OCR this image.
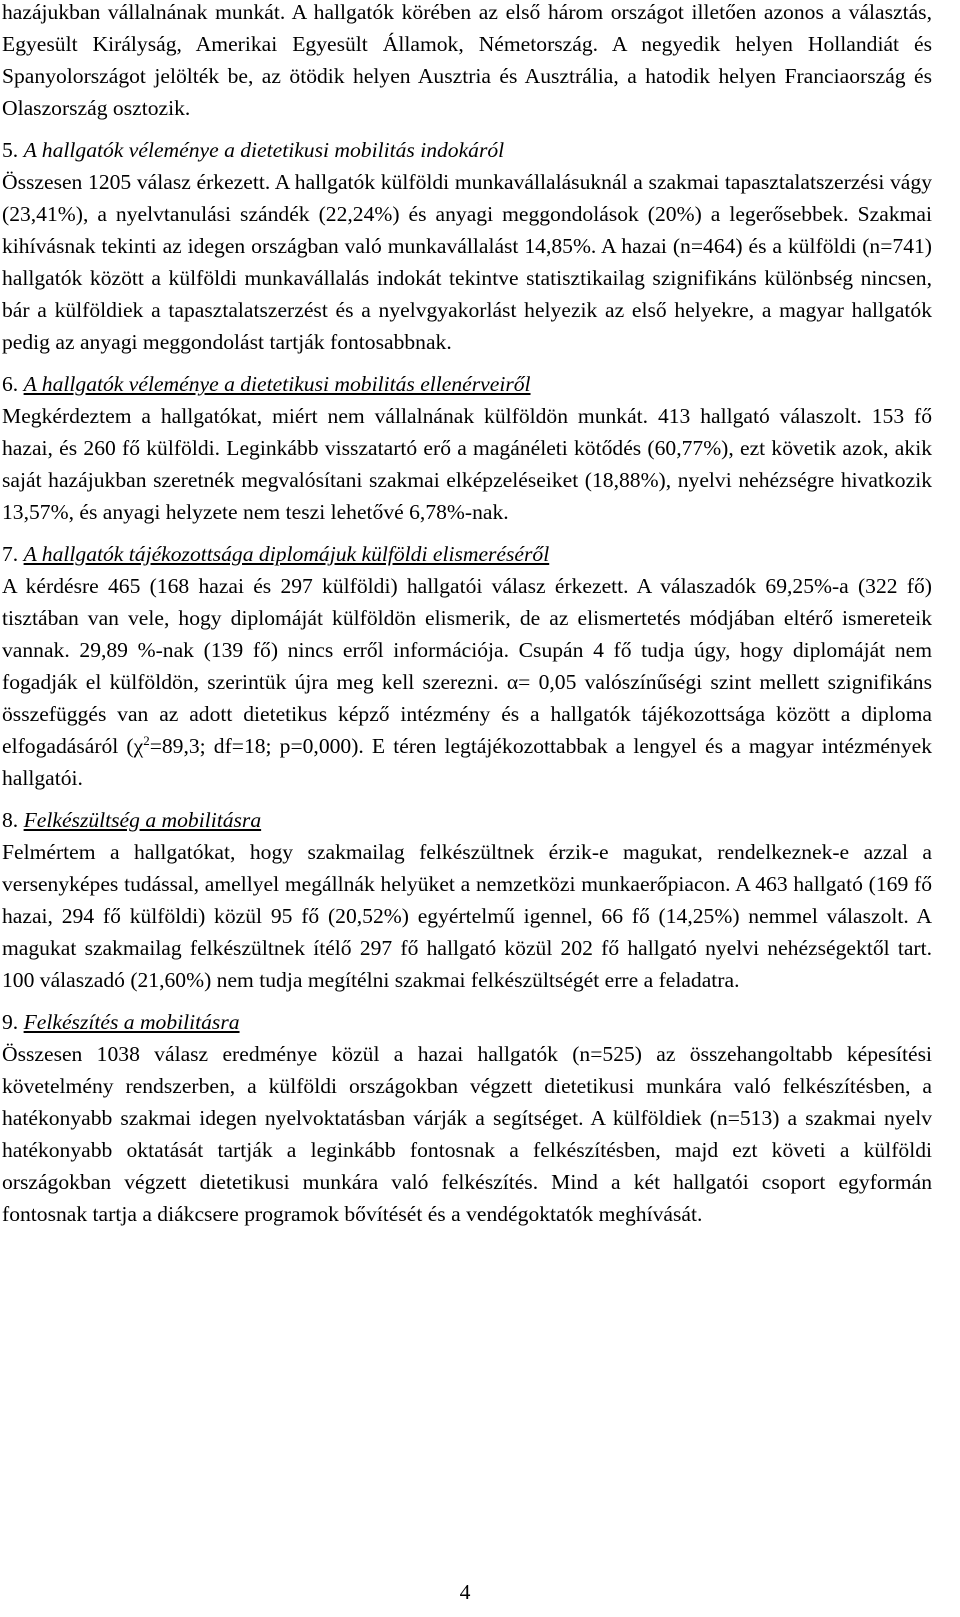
hazájukban vállalnának munkát. A hallgatók körében az első három országot illetően azonos a választás, Egyesült Királyság, Amerikai Egyesült Államok, Németország. A negyedik helyen Hollandiát és Spanyolországot jelölték be, az ötödik helyen Ausztria és Ausztrália, a hatodik helyen Franciaország és Olaszország osztozik.

5. A hallgatók véleménye a dietetikusi mobilitás indokáról

Összesen 1205 válasz érkezett. A hallgatók külföldi munkavállalásuknál a szakmai tapasztalatszerzési vágy (23,41%), a nyelvtanulási szándék (22,24%) és anyagi meggondolások (20%) a legerősebbek. Szakmai kihívásnak tekinti az idegen országban való munkavállalást 14,85%. A hazai (n=464) és a külföldi (n=741) hallgatók között a külföldi munkavállalás indokát tekintve statisztikailag szignifikáns különbség nincsen, bár a külföldiek a tapasztalatszerzést és a nyelvgyakorlást helyezik az első helyekre, a magyar hallgatók pedig az anyagi meggondolást tartják fontosabbnak.

6. A hallgatók véleménye a dietetikusi mobilitás ellenérveiről

Megkérdeztem a hallgatókat, miért nem vállalnának külföldön munkát. 413 hallgató válaszolt. 153 fő hazai, és 260 fő külföldi. Leginkább visszatartó erő a magánéleti kötődés (60,77%), ezt követik azok, akik saját hazájukban szeretnék megvalósítani szakmai elképzeléseiket (18,88%), nyelvi nehézségre hivatkozik 13,57%, és anyagi helyzete nem teszi lehetővé 6,78%-nak.

7. A hallgatók tájékozottsága diplomájuk külföldi elismeréséről

A kérdésre 465 (168 hazai és 297 külföldi) hallgatói válasz érkezett. A válaszadók 69,25%-a (322 fő) tisztában van vele, hogy diplomáját külföldön elismerik, de az elismertetés módjában eltérő ismereteik vannak. 29,89 %-nak (139 fő) nincs erről információja. Csupán 4 fő tudja úgy, hogy diplomáját nem fogadják el külföldön, szerintük újra meg kell szerezni. α= 0,05 valószínűségi szint mellett szignifikáns összefüggés van az adott dietetikus képző intézmény és a hallgatók tájékozottsága között a diploma elfogadásáról ($\chi^2=89,3$; df=18; p=0,000). E téren legtájékozottabbak a lengyel és a magyar intézmények hallgatói.

8. Felkészültség a mobilitásra

Felmértem a hallgatókat, hogy szakmailag felkészültnek érzik-e magukat, rendelkeznek-e azzal a versenyképes tudással, amellyel megállnák helyüket a nemzetközi munkaerőpiacon. A 463 hallgató (169 fő hazai, 294 fő külföldi) közül 95 fő (20,52%) egyértelmű igennel, 66 fő (14,25%) nemmel válaszolt. A magukat szakmailag felkészültnek ítélő 297 fő hallgató közül 202 fő hallgató nyelvi nehézségektől tart. 100 válaszadó (21,60%) nem tudja megítélni szakmai felkészültségét erre a feladatra.

9. Felkészítés a mobilitásra

Összesen 1038 válasz eredménye közül a hazai hallgatók (n=525) az összehangoltabb képesítési követelmény rendszerben, a külföldi országokban végzett dietetikusi munkára való felkészítésben, a hatékonyabb szakmai idegen nyelvoktatásban várják a segítséget. A külföldiek (n=513) a szakmai nyelv hatékonyabb oktatását tartják a leginkább fontosnak a felkészítésben, majd ezt követi a külföldi országokban végzett dietetikusi munkára való felkészítés. Mind a két hallgatói csoport egyformán fontosnak tartja a diákcsere programok bővítését és a vendégoktatók meghívását.

4
